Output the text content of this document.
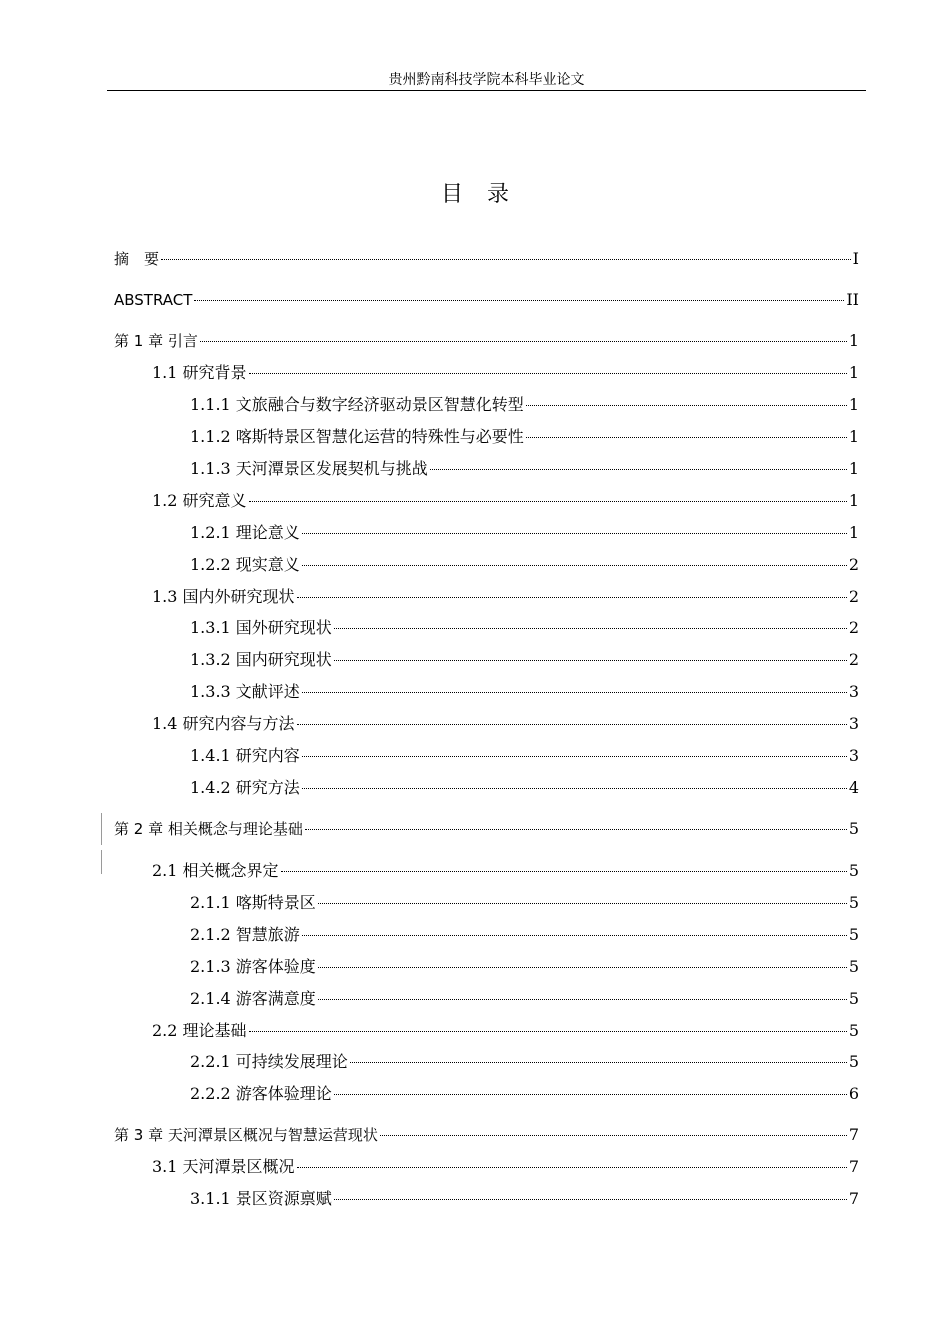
贵州黔南科技学院本科毕业论文
目录
摘　要	I
ABSTRACT	II
第 1 章 引言	1
1.1 研究背景	1
1.1.1 文旅融合与数字经济驱动景区智慧化转型	1
1.1.2 喀斯特景区智慧化运营的特殊性与必要性	1
1.1.3 天河潭景区发展契机与挑战	1
1.2 研究意义	1
1.2.1 理论意义	1
1.2.2 现实意义	2
1.3 国内外研究现状	2
1.3.1 国外研究现状	2
1.3.2 国内研究现状	2
1.3.3 文献评述	3
1.4 研究内容与方法	3
1.4.1 研究内容	3
1.4.2 研究方法	4
第 2 章 相关概念与理论基础	5
2.1 相关概念界定	5
2.1.1 喀斯特景区	5
2.1.2 智慧旅游	5
2.1.3 游客体验度	5
2.1.4 游客满意度	5
2.2 理论基础	5
2.2.1 可持续发展理论	5
2.2.2 游客体验理论	6
第 3 章 天河潭景区概况与智慧运营现状	7
3.1 天河潭景区概况	7
3.1.1 景区资源禀赋	7
